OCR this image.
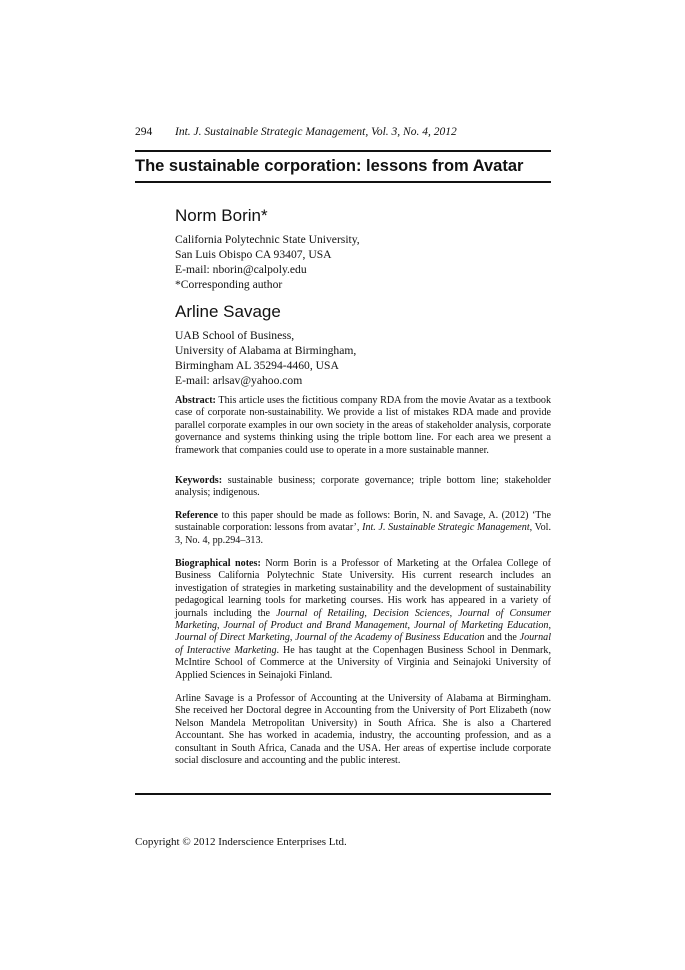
294 Int. J. Sustainable Strategic Management, Vol. 3, No. 4, 2012
The sustainable corporation: lessons from Avatar
Norm Borin*
California Polytechnic State University,
San Luis Obispo CA 93407, USA
E-mail: nborin@calpoly.edu
*Corresponding author
Arline Savage
UAB School of Business,
University of Alabama at Birmingham,
Birmingham AL 35294-4460, USA
E-mail: arlsav@yahoo.com
Abstract: This article uses the fictitious company RDA from the movie Avatar as a textbook case of corporate non-sustainability. We provide a list of mistakes RDA made and provide parallel corporate examples in our own society in the areas of stakeholder analysis, corporate governance and systems thinking using the triple bottom line. For each area we present a framework that companies could use to operate in a more sustainable manner.
Keywords: sustainable business; corporate governance; triple bottom line; stakeholder analysis; indigenous.
Reference to this paper should be made as follows: Borin, N. and Savage, A. (2012) ‘The sustainable corporation: lessons from avatar’, Int. J. Sustainable Strategic Management, Vol. 3, No. 4, pp.294–313.
Biographical notes: Norm Borin is a Professor of Marketing at the Orfalea College of Business California Polytechnic State University. His current research includes an investigation of strategies in marketing sustainability and the development of sustainability pedagogical learning tools for marketing courses. His work has appeared in a variety of journals including the Journal of Retailing, Decision Sciences, Journal of Consumer Marketing, Journal of Product and Brand Management, Journal of Marketing Education, Journal of Direct Marketing, Journal of the Academy of Business Education and the Journal of Interactive Marketing. He has taught at the Copenhagen Business School in Denmark, McIntire School of Commerce at the University of Virginia and Seinajoki University of Applied Sciences in Seinajoki Finland.
Arline Savage is a Professor of Accounting at the University of Alabama at Birmingham. She received her Doctoral degree in Accounting from the University of Port Elizabeth (now Nelson Mandela Metropolitan University) in South Africa. She is also a Chartered Accountant. She has worked in academia, industry, the accounting profession, and as a consultant in South Africa, Canada and the USA. Her areas of expertise include corporate social disclosure and accounting and the public interest.
Copyright © 2012 Inderscience Enterprises Ltd.
